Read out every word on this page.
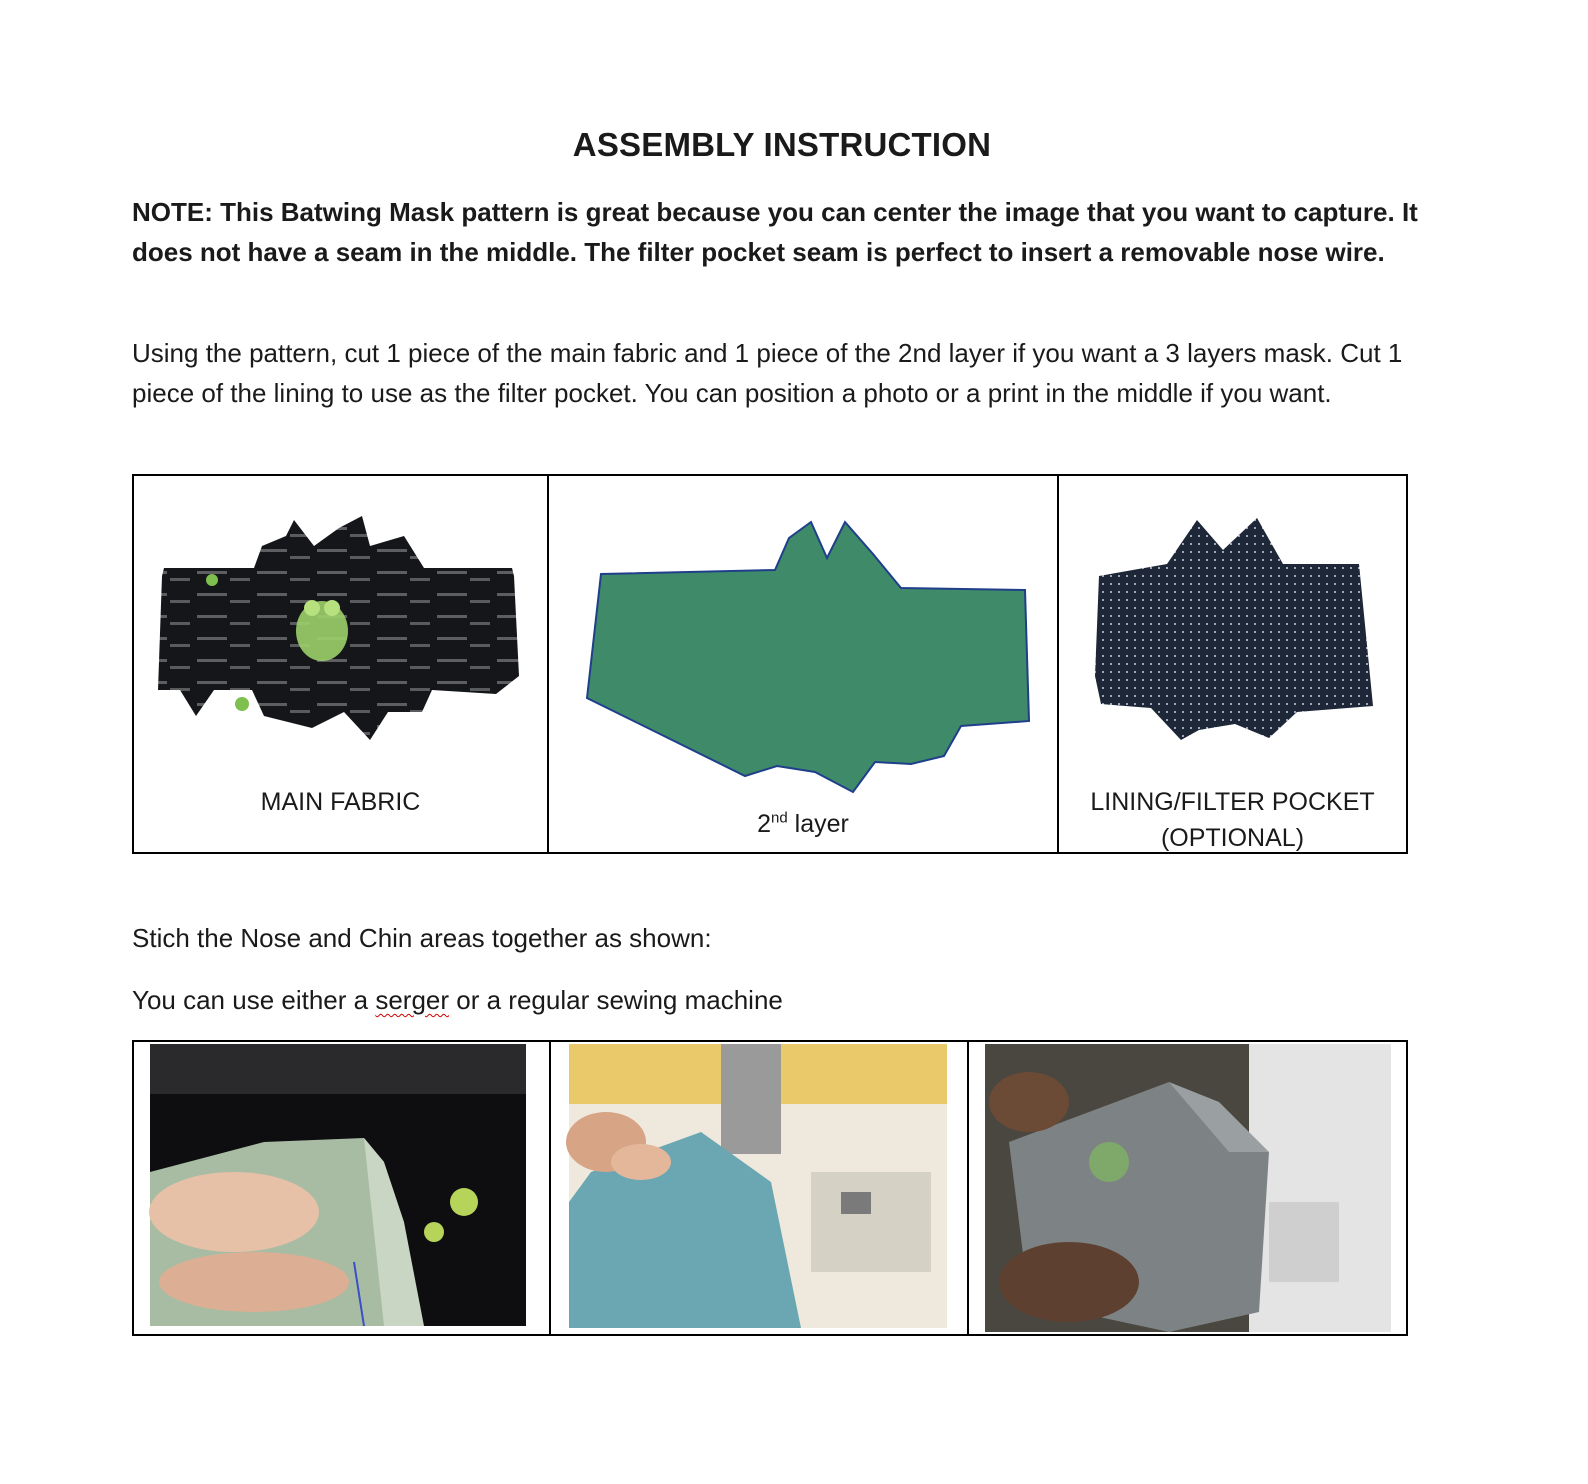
ASSEMBLY INSTRUCTION
NOTE: This Batwing Mask pattern is great because you can center the image that you want to capture. It does not have a seam in the middle. The filter pocket seam is perfect to insert a removable nose wire.
Using the pattern, cut 1 piece of the main fabric and 1 piece of the 2nd layer if you want a 3 layers mask. Cut 1 piece of the lining to use as the filter pocket. You can position a photo or a print in the middle if you want.
MAIN FABRIC

2nd layer

LINING/FILTER POCKET
(OPTIONAL)
Stich the Nose and Chin areas together as shown:
You can use either a serger or a regular sewing machine
